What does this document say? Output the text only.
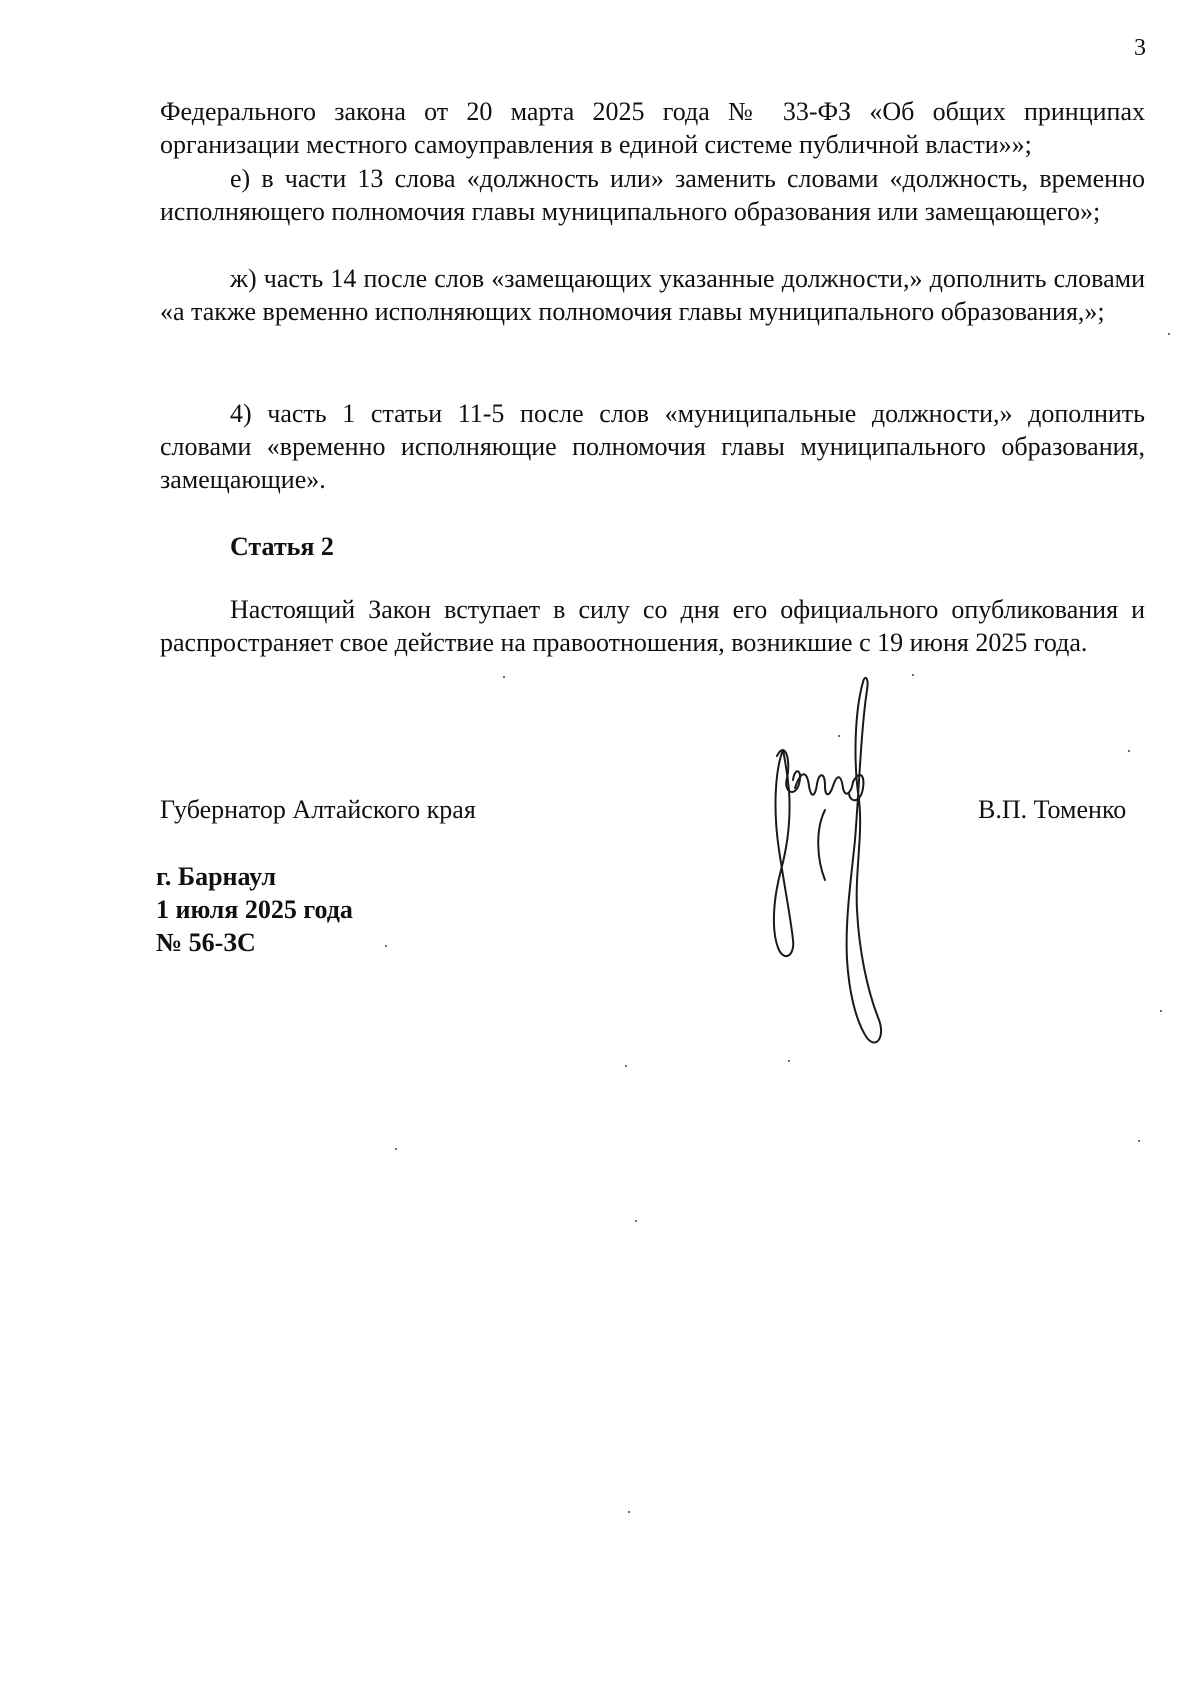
3

Федерального закона от 20 марта 2025 года № 33-ФЗ «Об общих принципах организации местного самоуправления в единой системе публичной власти»»;

е) в части 13 слова «должность или» заменить словами «должность, временно исполняющего полномочия главы муниципального образования или замещающего»;

ж) часть 14 после слов «замещающих указанные должности,» дополнить словами «а также временно исполняющих полномочия главы муниципального образования,»;

4) часть 1 статьи 11-5 после слов «муниципальные должности,» дополнить словами «временно исполняющие полномочия главы муниципального образования, замещающие».

Статья 2

Настоящий Закон вступает в силу со дня его официального опубликования и распространяет свое действие на правоотношения, возникшие с 19 июня 2025 года.

Губернатор Алтайского края	В.П. Томенко
г. Барнаул
1 июля 2025 года
№ 56-ЗС
